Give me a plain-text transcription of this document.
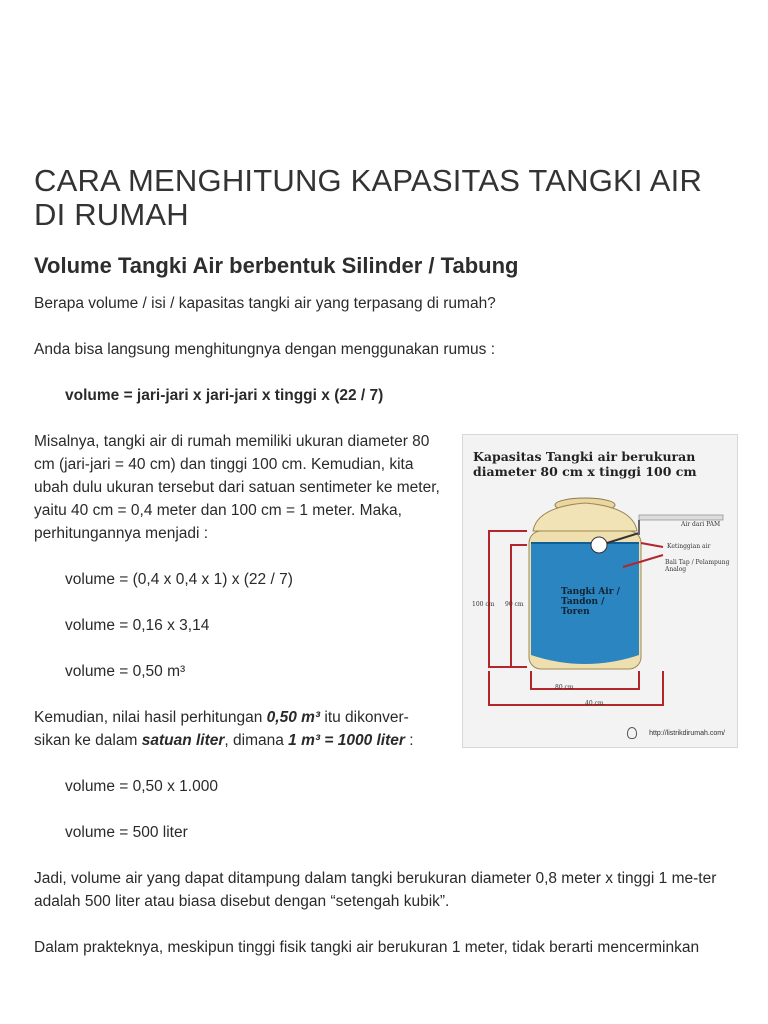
CARA MENGHITUNG KAPASITAS TANGKI AIR DI RUMAH
Volume Tangki Air berbentuk Silinder / Tabung

Berapa volume / isi / kapasitas tangki air yang terpasang di rumah?

Anda bisa langsung menghitungnya dengan menggunakan rumus :

volume = jari-jari x jari-jari x tinggi x (22 / 7)

Misalnya, tangki air di rumah memiliki ukuran diameter 80 cm (jari-jari = 40 cm) dan tinggi 100 cm. Kemudian, kita ubah dulu ukuran tersebut dari satuan sentimeter ke meter, yaitu 40 cm = 0,4 meter dan 100 cm = 1 meter. Maka, perhitungannya menjadi :

volume = (0,4 x 0,4 x 1) x (22 / 7)

volume = 0,16 x 3,14

volume = 0,50 m³

Kemudian, nilai hasil perhitungan 0,50 m³ itu dikonver-sikan ke dalam satuan liter, dimana 1 m³ = 1000 liter :

Kapasitas Tangki air berukuran
diameter 80 cm x tinggi 100 cm
Air dari PAM
Bali Tap / Pelampung Analog
Ketinggian air
Tangki Air / Tandon / Toren
100 cm 90 cm
80 cm
40 cm
http://listrikdirumah.com/

volume = 0,50 x 1.000

volume = 500 liter

Jadi, volume air yang dapat ditampung dalam tangki berukuran diameter 0,8 meter x tinggi 1 me-ter adalah 500 liter atau biasa disebut dengan “setengah kubik”.

Dalam prakteknya, meskipun tinggi fisik tangki air berukuran 1 meter, tidak berarti mencerminkan
